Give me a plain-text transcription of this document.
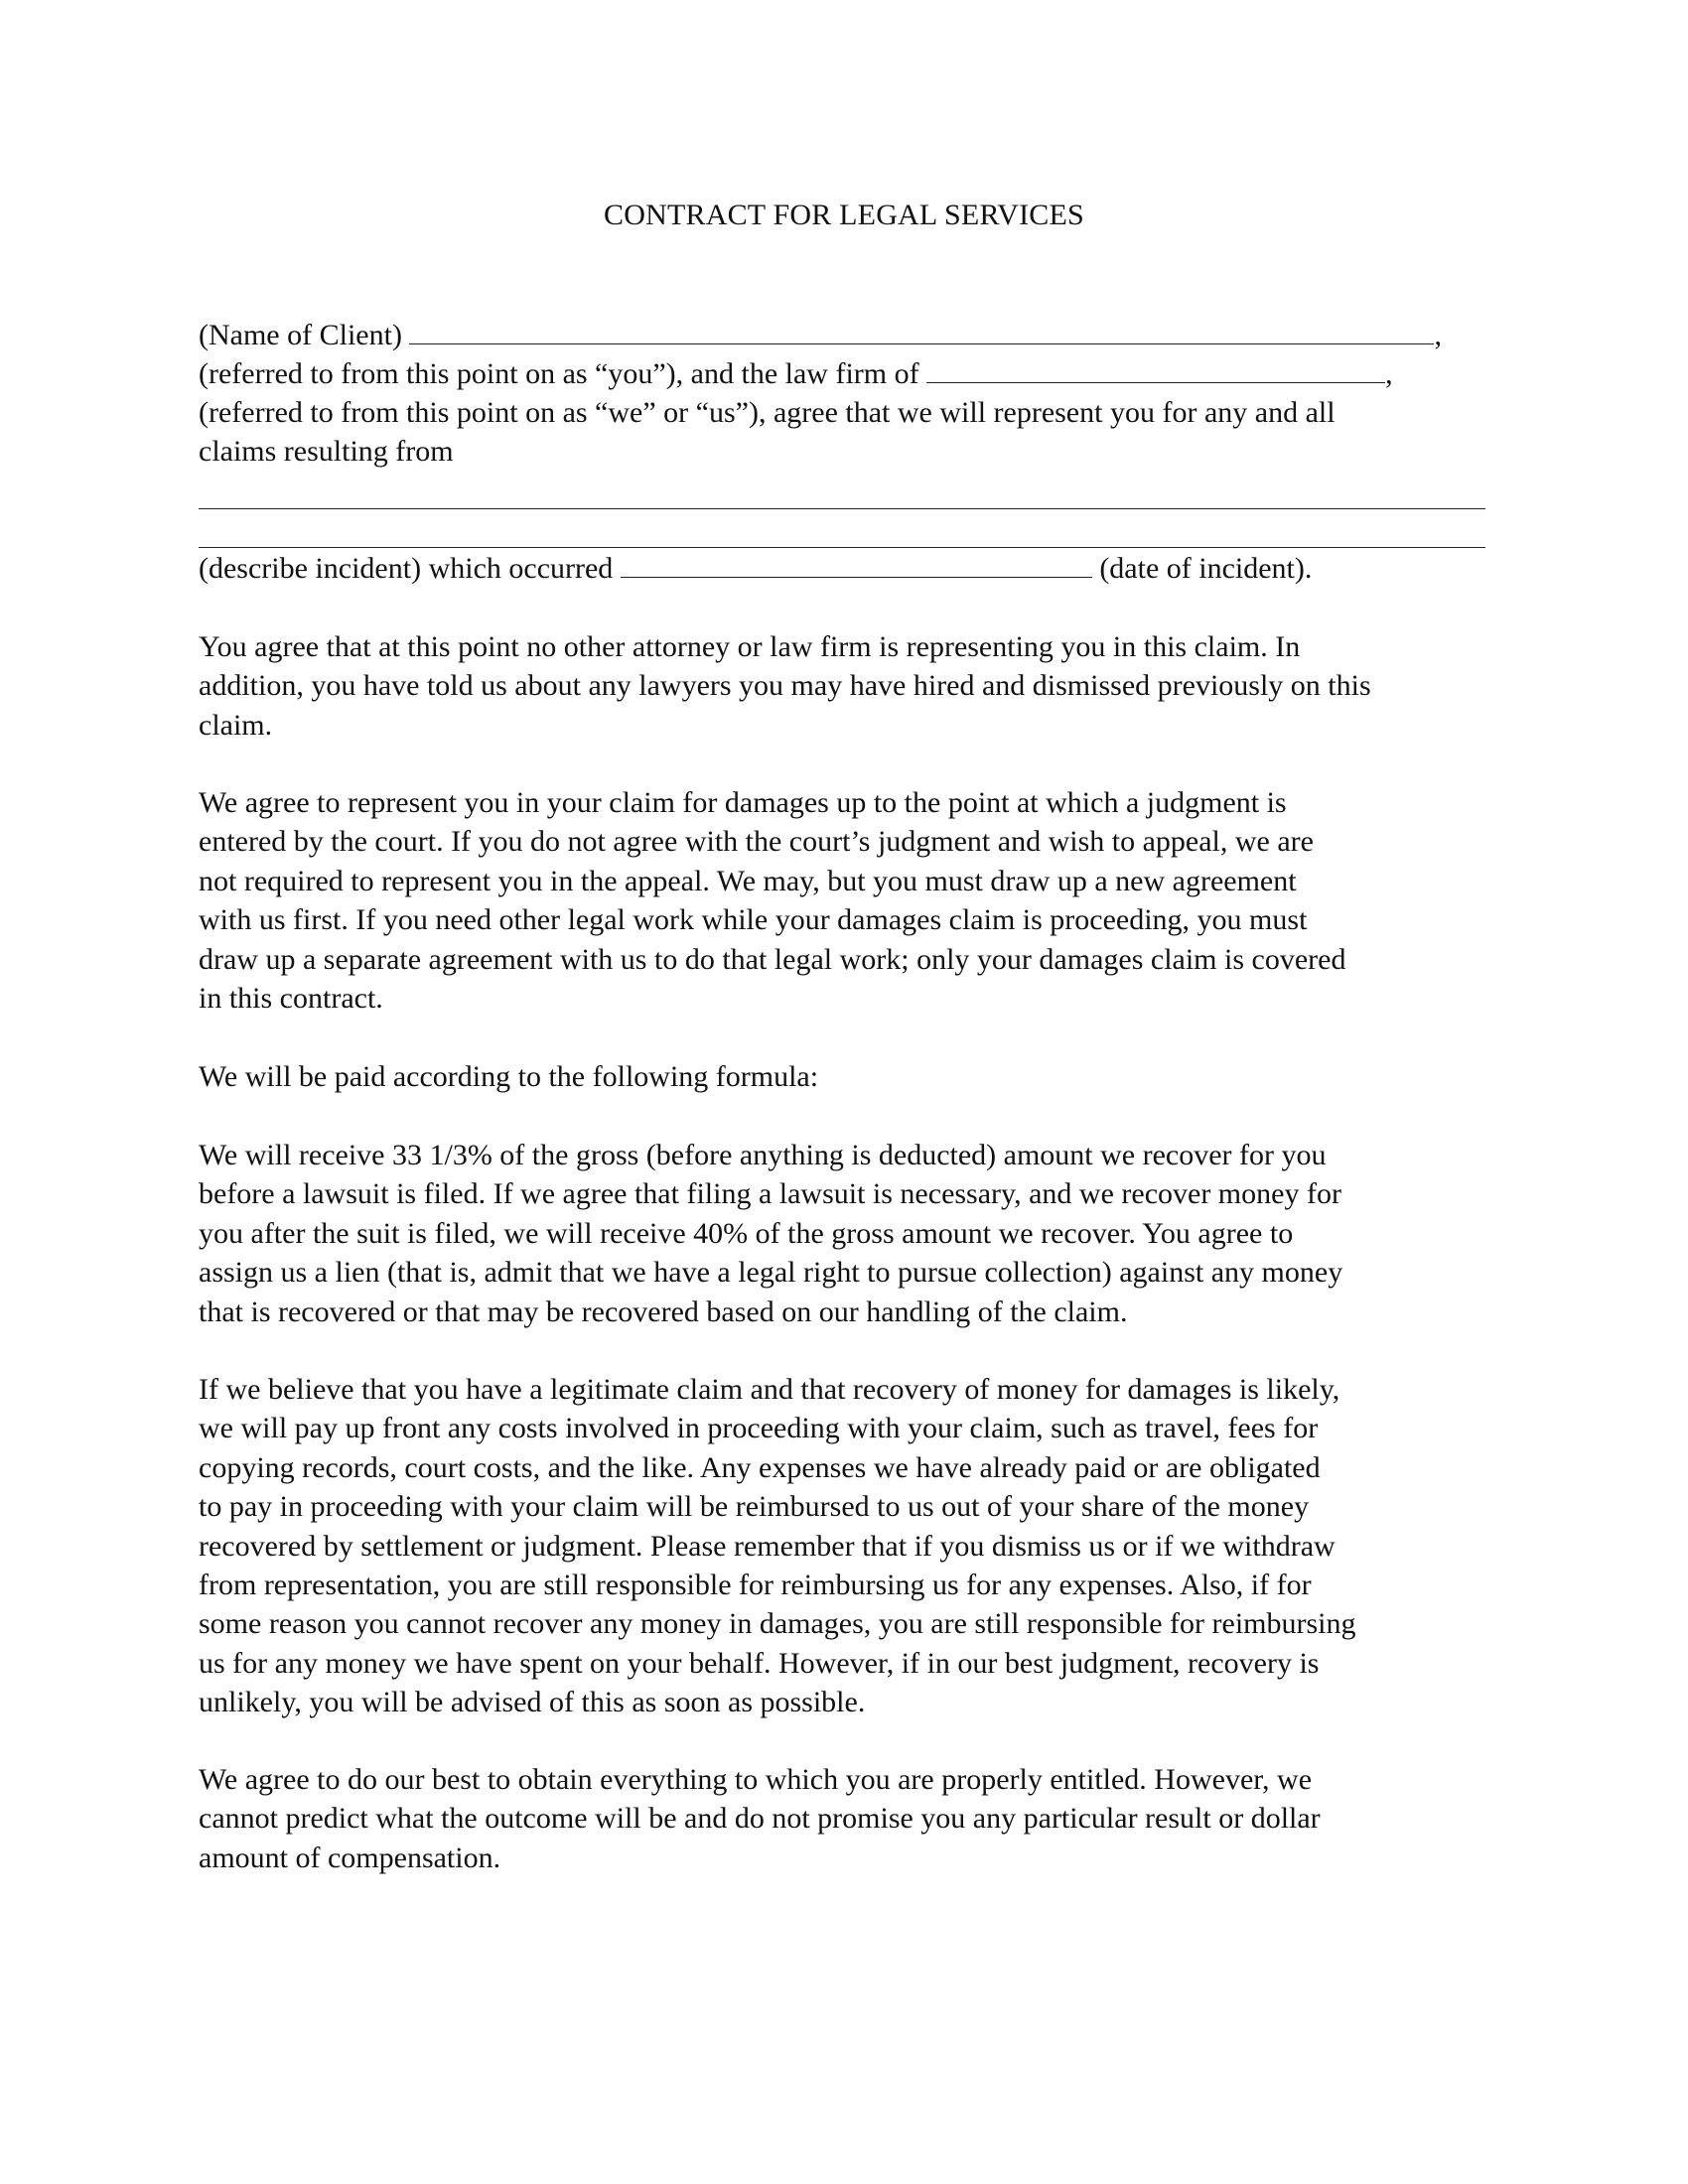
CONTRACT FOR LEGAL SERVICES
(Name of Client)	,
(referred to from this point on as “you”), and the law firm of	,
(referred to from this point on as “we” or “us”), agree that we will represent you for any and all
claims resulting from
(describe incident) which occurred	(date of incident).
You agree that at this point no other attorney or law firm is representing you in this claim. In
addition, you have told us about any lawyers you may have hired and dismissed previously on this
claim.
We agree to represent you in your claim for damages up to the point at which a judgment is
entered by the court. If you do not agree with the court’s judgment and wish to appeal, we are
not required to represent you in the appeal. We may, but you must draw up a new agreement
with us first. If you need other legal work while your damages claim is proceeding, you must
draw up a separate agreement with us to do that legal work; only your damages claim is covered
in this contract.
We will be paid according to the following formula:
We will receive 33 1/3% of the gross (before anything is deducted) amount we recover for you
before a lawsuit is filed. If we agree that filing a lawsuit is necessary, and we recover money for
you after the suit is filed, we will receive 40% of the gross amount we recover. You agree to
assign us a lien (that is, admit that we have a legal right to pursue collection) against any money
that is recovered or that may be recovered based on our handling of the claim.
If we believe that you have a legitimate claim and that recovery of money for damages is likely,
we will pay up front any costs involved in proceeding with your claim, such as travel, fees for
copying records, court costs, and the like. Any expenses we have already paid or are obligated
to pay in proceeding with your claim will be reimbursed to us out of your share of the money
recovered by settlement or judgment. Please remember that if you dismiss us or if we withdraw
from representation, you are still responsible for reimbursing us for any expenses. Also, if for
some reason you cannot recover any money in damages, you are still responsible for reimbursing
us for any money we have spent on your behalf. However, if in our best judgment, recovery is
unlikely, you will be advised of this as soon as possible.
We agree to do our best to obtain everything to which you are properly entitled. However, we
cannot predict what the outcome will be and do not promise you any particular result or dollar
amount of compensation.
